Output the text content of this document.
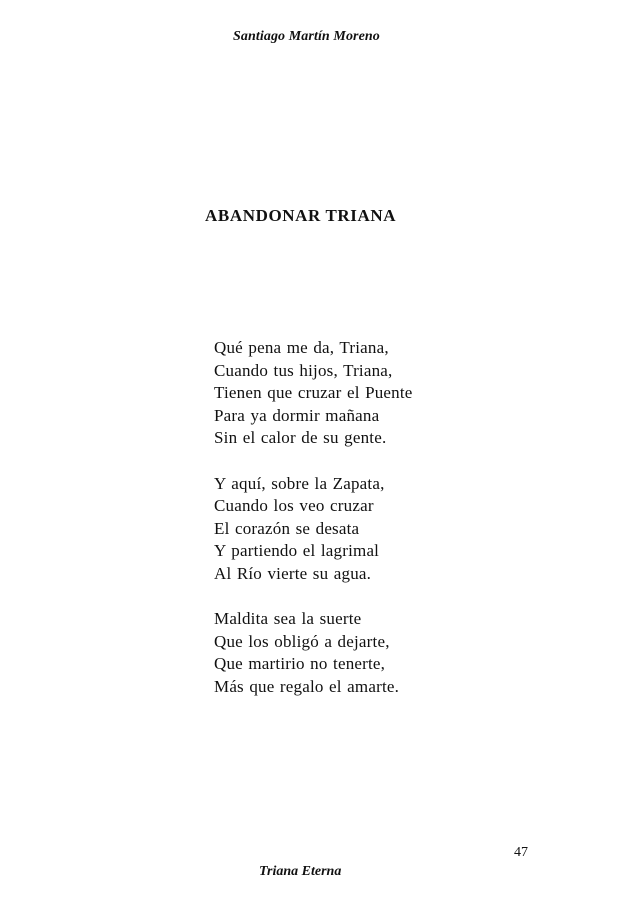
Santiago Martín Moreno
ABANDONAR TRIANA
Qué pena me da, Triana,
Cuando tus hijos, Triana,
Tienen que cruzar el Puente
Para ya dormir mañana
Sin el calor de su gente.
Y aquí, sobre la Zapata,
Cuando los veo cruzar
El corazón se desata
Y partiendo el lagrimal
Al Río vierte su agua.
Maldita sea la suerte
Que los obligó a dejarte,
Que martirio no tenerte,
Más que regalo el amarte.
47
Triana Eterna
